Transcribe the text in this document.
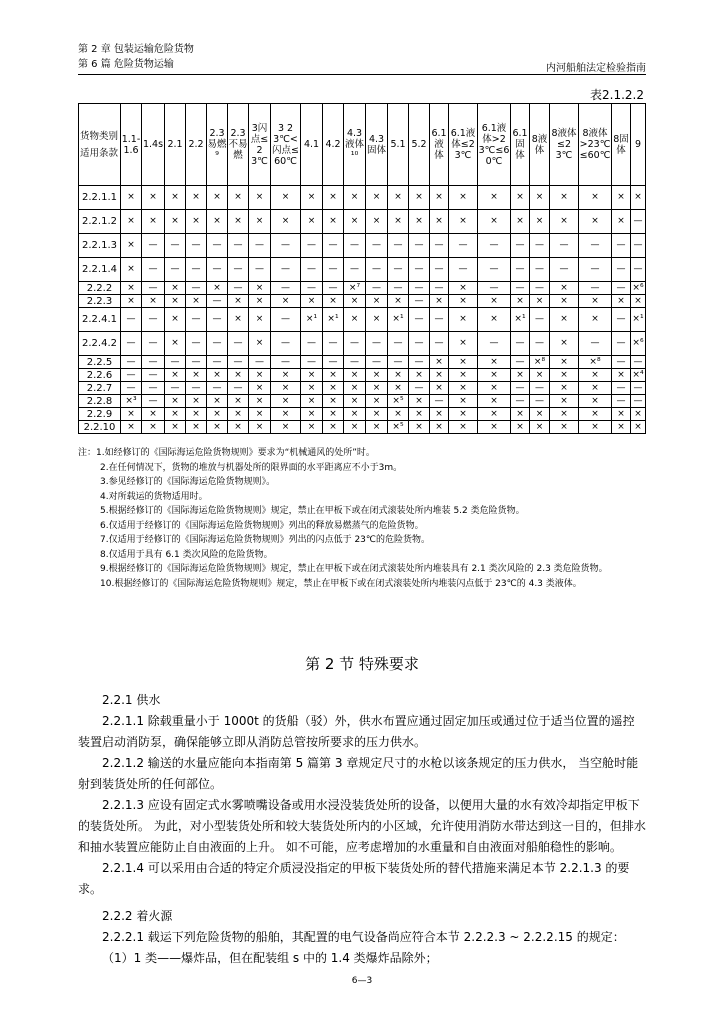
第 2 章 包装运输危险货物
第 6 篇 危险货物运输	内河船舶法定检验指南
表2.1.2.2
货物类别
适用条款	1.1-1.6	1.4s	2.1	2.2	2.3易燃⁹	2.3不易燃	3闪点≤23℃	3 23℃<闪点≤60℃	4.1	4.2	4.3液体¹⁰	4.3固体	5.1	5.2	6.1液体	6.1液体≤23℃	6.1液体>23℃≤60℃	6.1固体	8液体	8液体≤23℃	8液体>23℃≤60℃	8固体	9
2.2.1.1	×	×	×	×	×	×	×	×	×	×	×	×	×	×	×	×	×	×	×	×	×	×	×
2.2.1.2	×	×	×	×	×	×	×	×	×	×	×	×	×	×	×	×	×	×	×	×	×	×	—
2.2.1.3	×	—	—	—	—	—	—	—	—	—	—	—	—	—	—	—	—	—	—	—	—	—	—
2.2.1.4	×	—	—	—	—	—	—	—	—	—	—	—	—	—	—	—	—	—	—	—	—	—	—
2.2.2	×	—	×	—	×	—	×	—	—	—	×⁷	—	—	—	—	×	—	—	—	×	—	—	×⁶
2.2.3	×	×	×	×	—	×	×	×	×	×	×	×	×	—	×	×	×	×	×	×	×	×	×
2.2.4.1	—	—	×	—	—	×	×	—	×¹	×¹	×	×	×¹	—	—	×	×	×¹	—	×	×	—	×¹
2.2.4.2	—	—	×	—	—	—	×	—	—	—	—	—	—	—	—	×	—	—	—	×	—	—	×⁶
2.2.5	—	—	—	—	—	—	—	—	—	—	—	—	—	—	×	×	×	—	×⁸	×	×⁸	—	—
2.2.6	—	—	×	×	×	×	×	×	×	×	×	×	×	×	×	×	×	×	×	×	×	×	×⁴
2.2.7	—	—	—	—	—	—	×	×	×	×	×	×	×	—	×	×	×	—	—	×	×	—	—
2.2.8	×³	—	×	×	×	×	×	×	×	×	×	×	×⁵	×	—	×	×	—	—	×	×	—	—
2.2.9	×	×	×	×	×	×	×	×	×	×	×	×	×	×	×	×	×	×	×	×	×	×	×
2.2.10	×	×	×	×	×	×	×	×	×	×	×	×	×⁵	×	×	×	×	×	×	×	×	×	×
注：1.如经修订的《国际海运危险货物规则》要求为“机械通风的处所”时。
2.在任何情况下，货物的堆放与机器处所的限界面的水平距离应不小于3m。
3.参见经修订的《国际海运危险货物规则》。
4.对所载运的货物适用时。
5.根据经修订的《国际海运危险货物规则》规定，禁止在甲板下或在闭式滚装处所内堆装 5.2 类危险货物。
6.仅适用于经修订的《国际海运危险货物规则》列出的释放易燃蒸气的危险货物。
7.仅适用于经修订的《国际海运危险货物规则》列出的闪点低于 23℃的危险货物。
8.仅适用于具有 6.1 类次风险的危险货物。
9.根据经修订的《国际海运危险货物规则》规定，禁止在甲板下或在闭式滚装处所内堆装具有 2.1 类次风险的 2.3 类危险货物。
10.根据经修订的《国际海运危险货物规则》规定，禁止在甲板下或在闭式滚装处所内堆装闪点低于 23℃的 4.3 类液体。
第 2 节 特殊要求

2.2.1 供水

2.2.1.1 除载重量小于 1000t 的货船（驳）外，供水布置应通过固定加压或通过位于适当位置的遥控装置启动消防泵，确保能够立即从消防总管按所要求的压力供水。

2.2.1.2 输送的水量应能向本指南第 5 篇第 3 章规定尺寸的水枪以该条规定的压力供水， 当空舱时能射到装货处所的任何部位。

2.2.1.3 应设有固定式水雾喷嘴设备或用水浸没装货处所的设备，以便用大量的水有效冷却指定甲板下的装货处所。 为此，对小型装货处所和较大装货处所内的小区域，允许使用消防水带达到这一目的，但排水和抽水装置应能防止自由液面的上升。 如不可能，应考虑增加的水重量和自由液面对船舶稳性的影响。

2.2.1.4 可以采用由合适的特定介质浸没指定的甲板下装货处所的替代措施来满足本节 2.2.1.3 的要求。

2.2.2 着火源

2.2.2.1 载运下列危险货物的船舶，其配置的电气设备尚应符合本节 2.2.2.3 ~ 2.2.2.15 的规定：

（1）1 类——爆炸品，但在配装组 s 中的 1.4 类爆炸品除外；

6—3
